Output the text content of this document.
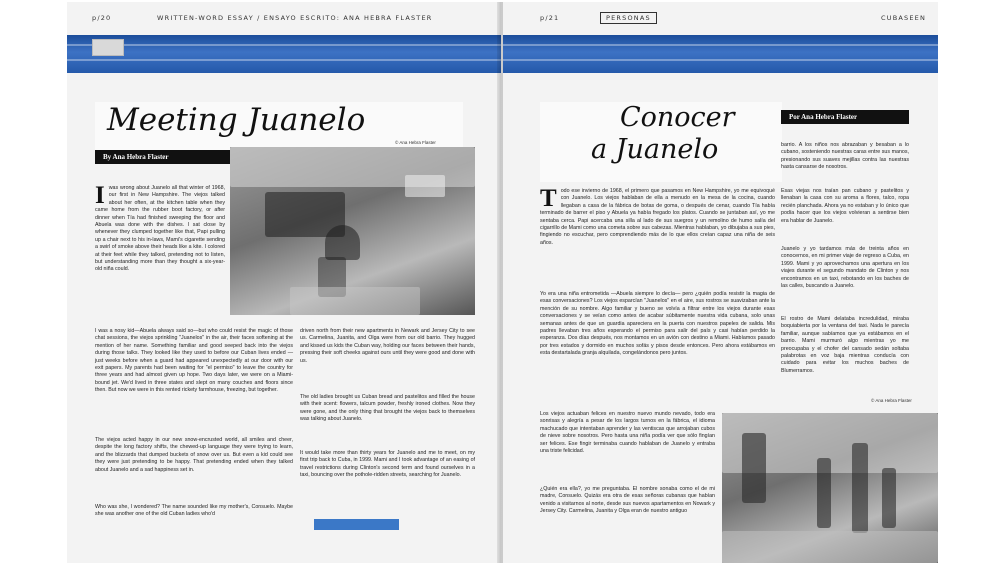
p/20	WRITTEN-WORD ESSAY / ENSAYO ESCRITO: ANA HEBRA FLASTER
Meeting Juanelo
By Ana Hebra Flaster
© Ana Hebra Flaster

Iwas wrong about Juanelo all that winter of 1968, our first in New Hampshire. The viejos talked about her often, at the kitchen table when they came home from the rubber boot factory, or after dinner when Tía had finished sweeping the floor and Abuela was done with the dishes. I sat close by whenever they clumped together like that, Papi pulling up a chair next to his in-laws, Mami's cigarette sending a swirl of smoke above their heads like a kite. I colored at their feet while they talked, pretending not to listen, but understanding more than they thought a six-year-old niña could.

I was a nosy kid—Abuela always said so—but who could resist the magic of those chat sessions, the viejos sprinkling "Juanelos" in the air, their faces softening at the mention of her name. Something familiar and good seeped back into the viejos during those talks. They looked like they used to before our Cuban lives ended — just weeks before when a guard had appeared unexpectedly at our door with our exit papers. My parents had been waiting for "el permiso" to leave the country for three years and had almost given up hope. Two days later, we were on a Miami-bound jet. We'd lived in three states and slept on many couches and floors since then. But now we were in this rented rickety farmhouse, freezing, but together.

The viejos acted happy in our new snow-encrusted world, all smiles and cheer, despite the long factory shifts, the chewed-up language they were trying to learn, and the blizzards that dumped buckets of snow over us. But even a kid could see they were just pretending to be happy. That pretending ended when they talked about Juanelo and a sad happiness set in.

Who was she, I wondered? The name sounded like my mother's, Consuelo. Maybe she was another one of the old Cuban ladies who'd

driven north from their new apartments in Newark and Jersey City to see us. Carmelina, Juanita, and Olga were from our old barrio. They hugged and kissed us kids the Cuban way, holding our faces between their hands, pressing their soft cheeks against ours until they were good and done with us.

The old ladies brought us Cuban bread and pastelitos and filled the house with their scent: flowers, talcum powder, freshly ironed clothes. Now they were gone, and the only thing that brought the viejos back to themselves was talking about Juanelo.

It would take more than thirty years for Juanelo and me to meet, on my first trip back to Cuba, in 1999. Mami and I took advantage of an easing of travel restrictions during Clinton's second term and found ourselves in a taxi, bouncing over the pothole-ridden streets, searching for Juanelo.

p/21	PERSONAS	CUBASEEN
Conocer
a Juanelo
Por Ana Hebra Flaster

Todo ese invierno de 1968, el primero que pasamos en New Hampshire, yo me equivoqué con Juanelo. Los viejos hablaban de ella a menudo en la mesa de la cocina, cuando llegaban a casa de la fábrica de botas de goma, o después de cenar, cuando Tía había terminado de barrer el piso y Abuela ya había fregado los platos. Cuando se juntaban así, yo me sentaba cerca. Papi acercaba una silla al lado de sus suegros y un remolino de humo salía del cigarrillo de Mami como una cometa sobre sus cabezas. Mientras hablaban, yo dibujaba a sus pies, fingiendo no escuchar, pero comprendiendo más de lo que ellos creían capaz una niña de seis años.

Yo era una niña entrometida —Abuela siempre lo decía— pero ¿quién podía resistir la magia de esas conversaciones? Los viejos esparcían "Juanelos" en el aire, sus rostros se suavizaban ante la mención de su nombre. Algo familiar y bueno se volvía a filtrar entre los viejos durante esas conversaciones y se veían como antes de acabar súbitamente nuestra vida cubana, solo unas semanas antes de que un guardia apareciera en la puerta con nuestros papeles de salida. Mis padres llevaban tres años esperando el permiso para salir del país y casi habían perdido la esperanza. Dos días después, nos montamos en un avión con destino a Miami. Habíamos pasado por tres estados y dormido en muchos sofás y pisos desde entonces. Pero ahora estábamos en esta destartalada granja alquilada, congelándonos pero juntos.

Los viejos actuaban felices en nuestro nuevo mundo nevado, todo era sonrisas y alegría a pesar de los largos turnos en la fábrica, el idioma machucado que intentaban aprender y las ventiscas que arrojaban cubos de nieve sobre nosotros. Pero hasta una niña podía ver que sólo fingían ser felices. Ese fingir terminaba cuando hablaban de Juanelo y entraba una triste felicidad.

¿Quién era ella?, yo me preguntaba. El nombre sonaba como el de mi madre, Consuelo. Quizás era otra de esas señoras cubanas que habían venido a visitarnos al norte, desde sus nuevos apartamentos en Nowark y Jersey City. Carmelina, Juanita y Olga eran de nuestro antiguo

barrio. A los niños nos abrazaban y besaban a lo cubano, sosteniendo nuestras caras entre sus manos, presionando sus suaves mejillas contra las nuestras hasta cansarse de nosotros.

Esas viejas nos traían pan cubano y pastelitos y llenaban la casa con su aroma a flores, talco, ropa recién planchada. Ahora ya no estaban y lo único que podía hacer que los viejos volvieran a sentirse bien era hablar de Juanelo.

Juanelo y yo tardamos más de treinta años en conocernos, en mi primer viaje de regreso a Cuba, en 1999. Mami y yo aprovechamos una apertura en los viajes durante el segundo mandato de Clinton y nos encontramos en un taxi, rebotando en los baches de las calles, buscando a Juanelo.

El rostro de Mami delataba incredulidad, miraba boquiabierta por la ventana del taxi. Nada le parecía familiar, aunque sabíamos que ya estábamos en el barrio. Mami murmuró algo mientras yo me preocupaba y el chofer del cansado sedán soltaba palabrotas en voz baja mientras conducía con cuidado para evitar los muchos baches de Blumerramos.

© Ana Hebra Flaster
